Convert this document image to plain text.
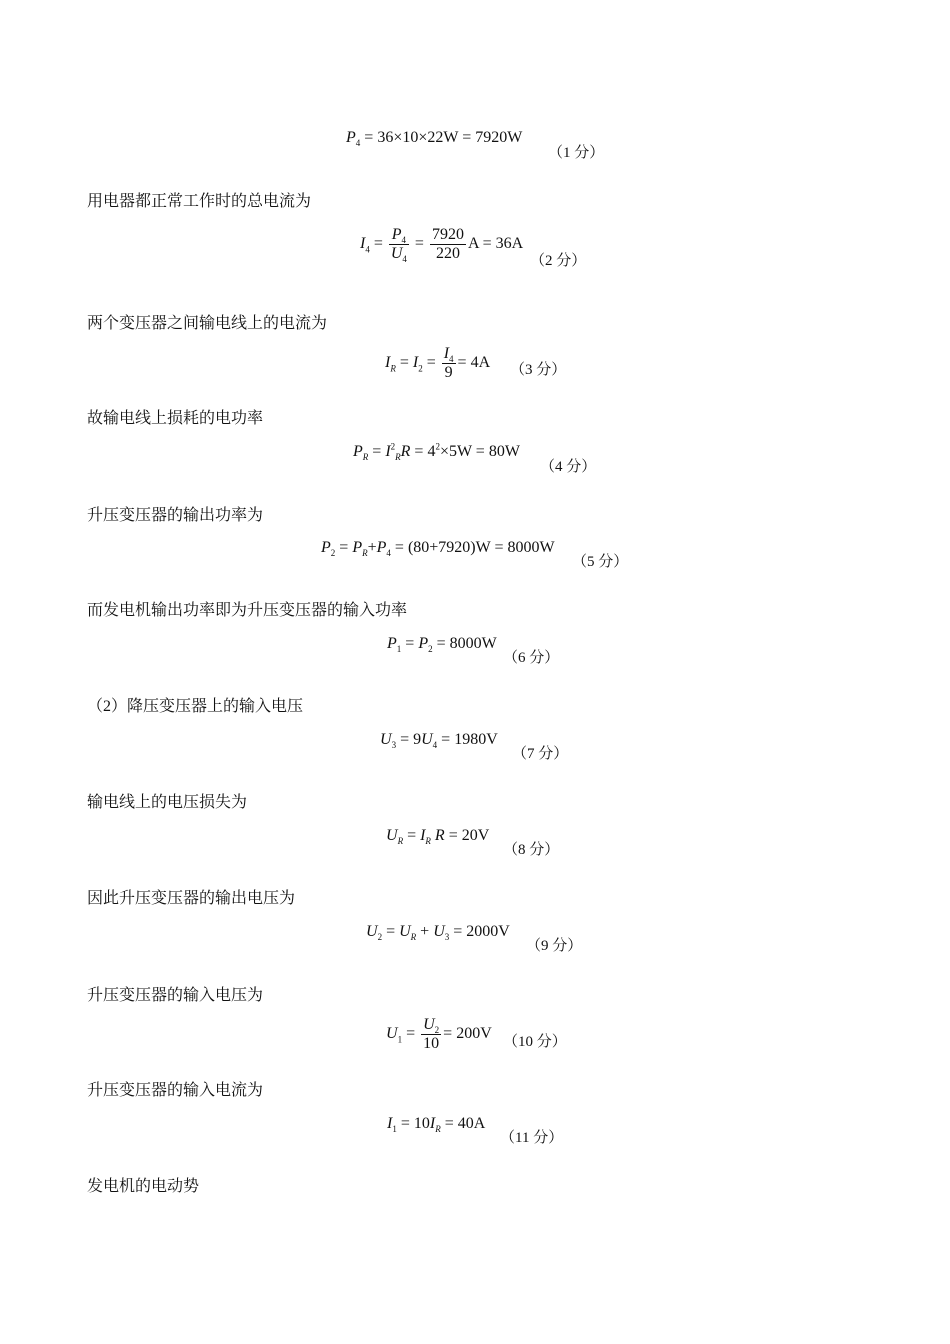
$P_4 = 36\times 10\times 22W = 7920W$
（1 分）
用电器都正常工作时的总电流为
$I_4 = \frac{P_4}{U_4} = \frac{7920}{220}$ A = 36A
（2 分）
两个变压器之间输电线上的电流为
$I_R = I_2 = \frac{I_4}{9} = 4A$ （3 分）
故输电线上损耗的电功率
$P_R = I^2_RR = 4^2\times 5W = 80W$
（4 分）
升压变压器的输出功率为
$P_2 = P_R+P_4 = (80+7920)W = 8000W$
（5 分）
而发电机输出功率即为升压变压器的输入功率
$P_1 = P_2 = 8000W$
（6 分）
（2）降压变压器上的输入电压
$U_3 = 9U_4 = 1980V$
（7 分）
输电线上的电压损失为
$U_R = I_R$ R = 20V
（8 分）
因此升压变压器的输出电压为
$U_2 = U_R + U_3 = 2000V$
（9 分）
升压变压器的输入电压为
$U_1 = \frac{U_2}{10} = 200V$ （10 分）
升压变压器的输入电流为
$I_1 = 10I_R = 40A$
（11 分）
发电机的电动势
